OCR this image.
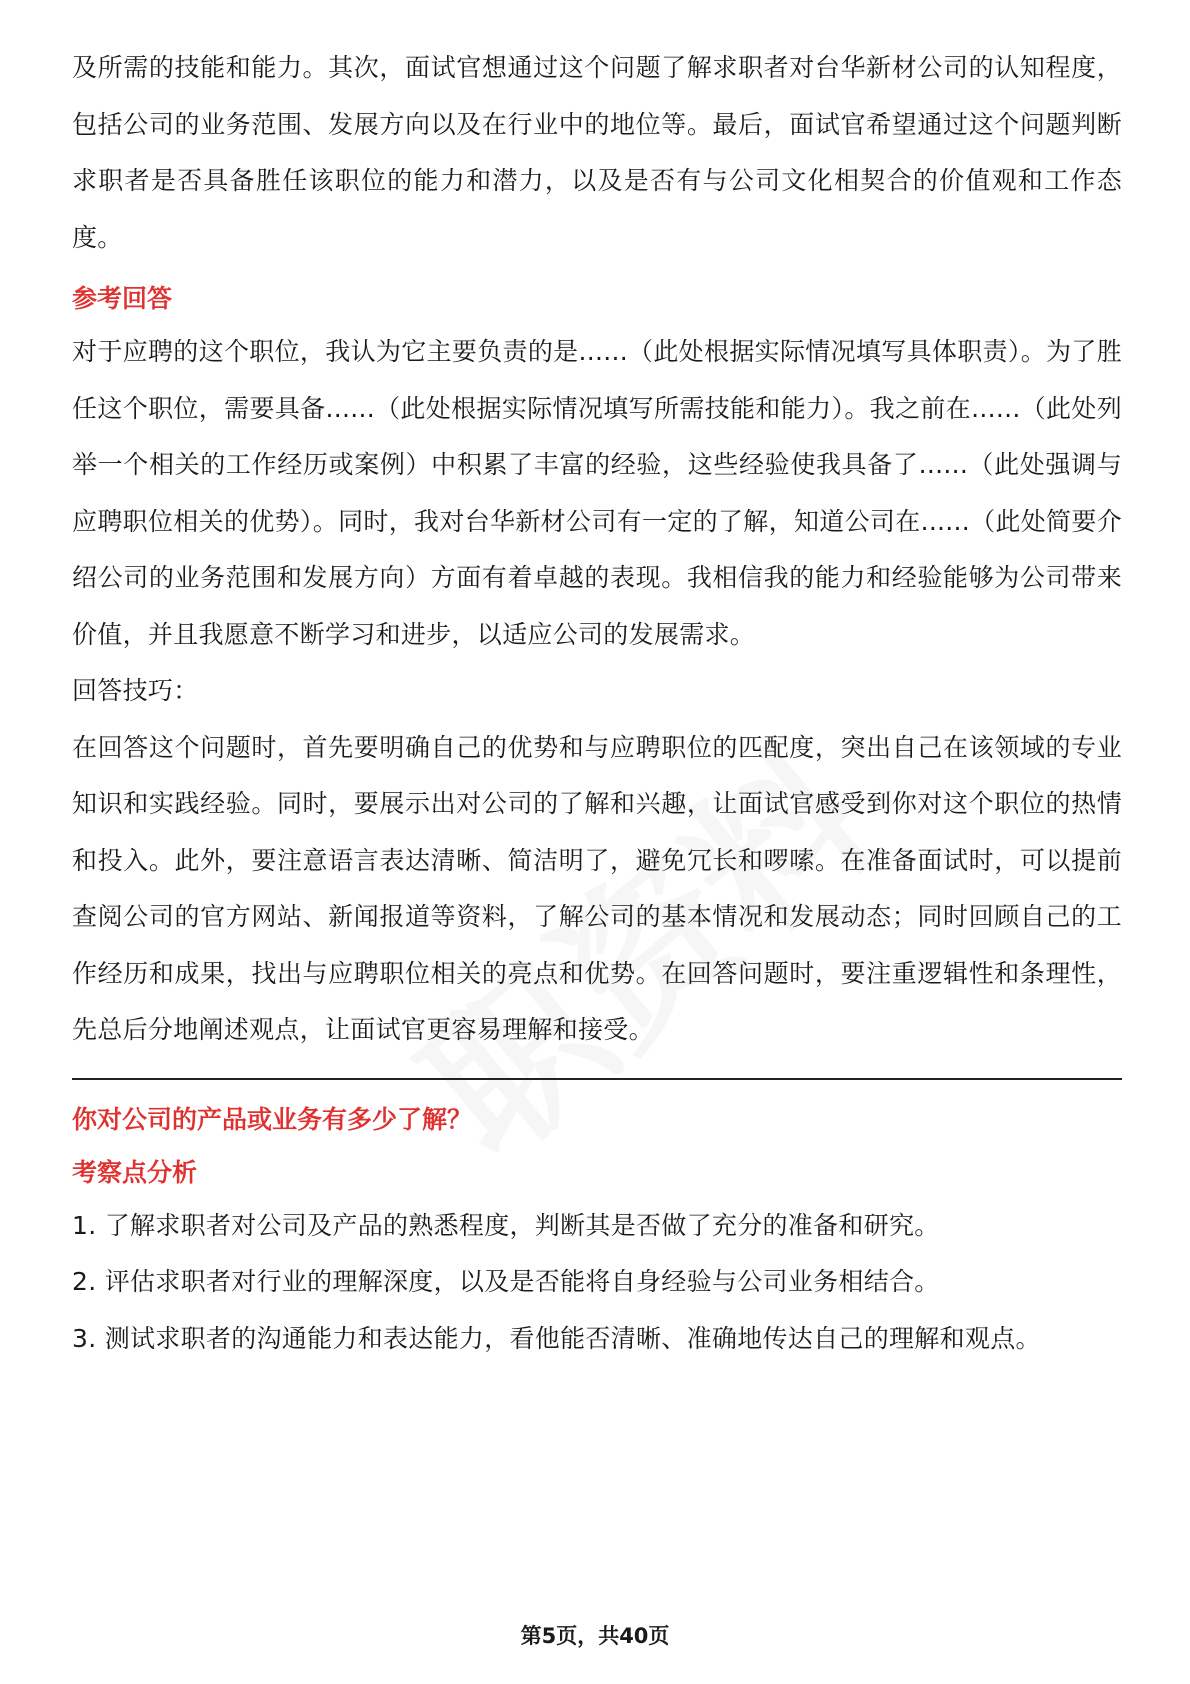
及所需的技能和能力。其次，面试官想通过这个问题了解求职者对台华新材公司的认知程度，包括公司的业务范围、发展方向以及在行业中的地位等。最后，面试官希望通过这个问题判断求职者是否具备胜任该职位的能力和潜力，以及是否有与公司文化相契合的价值观和工作态度。

参考回答

对于应聘的这个职位，我认为它主要负责的是......（此处根据实际情况填写具体职责）。为了胜任这个职位，需要具备......（此处根据实际情况填写所需技能和能力）。我之前在......（此处列举一个相关的工作经历或案例）中积累了丰富的经验，这些经验使我具备了......（此处强调与应聘职位相关的优势）。同时，我对台华新材公司有一定的了解，知道公司在......（此处简要介绍公司的业务范围和发展方向）方面有着卓越的表现。我相信我的能力和经验能够为公司带来价值，并且我愿意不断学习和进步，以适应公司的发展需求。

回答技巧：

在回答这个问题时，首先要明确自己的优势和与应聘职位的匹配度，突出自己在该领域的专业知识和实践经验。同时，要展示出对公司的了解和兴趣，让面试官感受到你对这个职位的热情和投入。此外，要注意语言表达清晰、简洁明了，避免冗长和啰嗦。在准备面试时，可以提前查阅公司的官方网站、新闻报道等资料，了解公司的基本情况和发展动态；同时回顾自己的工作经历和成果，找出与应聘职位相关的亮点和优势。在回答问题时，要注重逻辑性和条理性，先总后分地阐述观点，让面试官更容易理解和接受。

你对公司的产品或业务有多少了解？
考察点分析

1. 了解求职者对公司及产品的熟悉程度，判断其是否做了充分的准备和研究。

2. 评估求职者对行业的理解深度，以及是否能将自身经验与公司业务相结合。

3. 测试求职者的沟通能力和表达能力，看他能否清晰、准确地传达自己的理解和观点。

第5页，共40页
